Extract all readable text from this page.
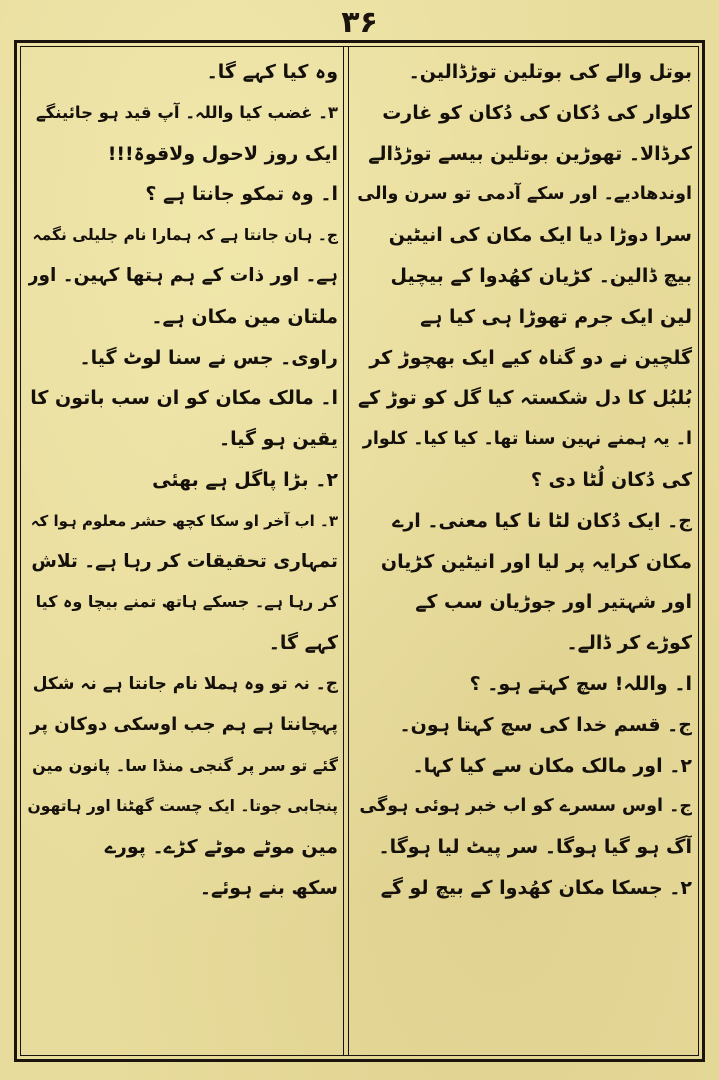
۳۶
بوتل والے کی بوتلین توڑڈالین۔
کلوار کی دُکان کی دُکان کو غارت
کرڈالا۔ تھوڑین بوتلین بیسے توڑڈالے
اوندھادیے۔ اور سکے آدمی تو سرن والی
سرا دوڑا دیا ایک مکان کی انیٹین
بیچ ڈالین۔ کڑیان کھُدوا کے بیچیل
لین ایک جرم تھوڑا ہی کیا ہے
گلچین نے دو گناہ کیے ایک بھچوڑ کر
بُلبُل کا دل شکستہ کیا گل کو توڑ کے
ا۔ یہ ہمنے نہین سنا تھا۔ کیا کیا۔ کلوار
کی دُکان لُٹا دی ؟
ج۔ ایک دُکان لٹا نا کیا معنی۔ ارے
مکان کرایہ پر لیا اور انیٹین کڑیان
اور شہتیر اور جوڑیان سب کے
کوڑے کر ڈالے۔
ا۔ واللہ! سچ کہتے ہو۔ ؟
ج۔ قسم خدا کی سچ کہتا ہون۔
۲۔ اور مالک مکان سے کیا کہا۔
ج۔ اوس سسرے کو اب خبر ہوئی ہوگی
آگ ہو گیا ہوگا۔ سر پیٹ لیا ہوگا۔
۲۔ جسکا مکان کھُدوا کے بیچ لو گے
وہ کیا کہے گا۔
۳۔ غضب کیا واللہ۔ آپ قید ہو جائینگے
ایک روز لاحول ولاقوۃ!!!
ا۔ وہ تمکو جانتا ہے ؟
ج۔ ہان جانتا ہے کہ ہمارا نام جلیلی نگمہ
ہے۔ اور ذات کے ہم ہتھا کہین۔ اور
ملتان مین مکان ہے۔
راوی۔ جس نے سنا لوٹ گیا۔
ا۔ مالک مکان کو ان سب باتون کا
یقین ہو گیا۔
۲۔ بڑا پاگل ہے بھئی
۳۔ اب آخر او سکا کچھ حشر معلوم ہوا کہ
تمہاری تحقیقات کر رہا ہے۔ تلاش
کر رہا ہے۔ جسکے ہاتھ تمنے بیچا وہ کیا
کہے گا۔
ج۔ نہ تو وہ ہملا نام جانتا ہے نہ شکل
پہچانتا ہے ہم جب اوسکی دوکان پر
گئے تو سر پر گنجی منڈا سا۔ پانون مین
پنجابی جوتا۔ ایک چست گھٹنا اور ہاتھون
مین موٹے موٹے کڑے۔ پورے
سکھ بنے ہوئے۔
